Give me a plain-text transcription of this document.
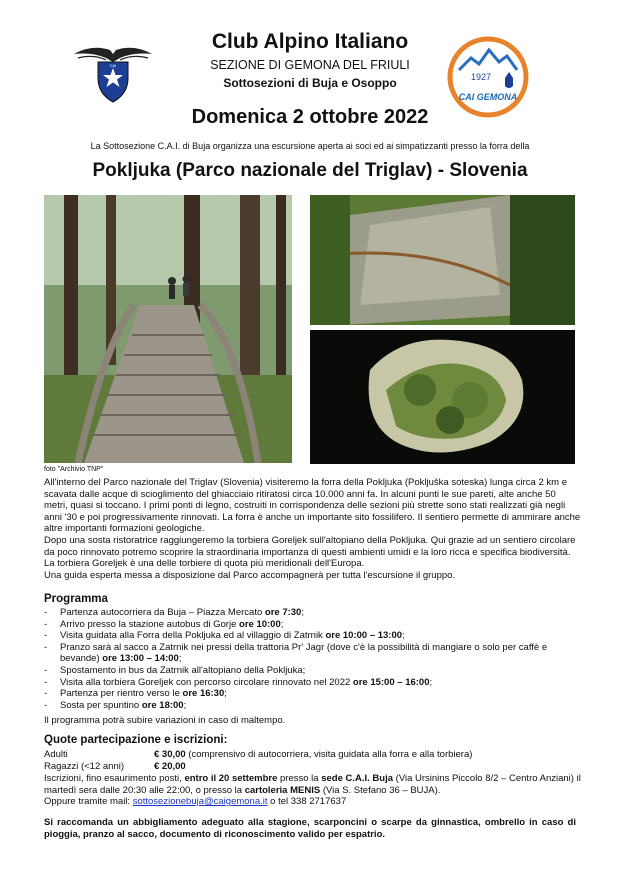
CAI
Club Alpino Italiano
SEZIONE DI GEMONA DEL FRIULI
Sottosezioni di Buja e Osoppo	1927
CAI GEMONA
Domenica 2 ottobre 2022
La Sottosezione C.A.I. di Buja organizza una escursione aperta ai soci ed ai simpatizzanti presso la forra della
Pokljuka (Parco nazionale del Triglav) - Slovenia
foto "Archivio TNP"

All'interno del Parco nazionale del Triglav (Slovenia) visiteremo la forra della Pokljuka (Pokljuška soteska) lunga circa 2 km e scavata dalle acque di scioglimento del ghiacciaio ritiratosi circa 10.000 anni fa. In alcuni punti le sue pareti, alte anche 50 metri, quasi si toccano. I primi ponti di legno, costruiti in corrispondenza delle sezioni più strette sono stati realizzati già negli anni '30 e poi progressivamente rinnovati. La forra è anche un importante sito fossilifero. Il sentiero permette di ammirare anche altre importanti formazioni geologiche.

Dopo una sosta ristoratrice raggiungeremo la torbiera Goreljek sull'altopiano della Pokljuka. Qui grazie ad un sentiero circolare da poco rinnovato potremo scoprire la straordinaria importanza di questi ambienti umidi e la loro ricca e specifica biodiversità. La torbiera Goreljek è una delle torbiere di quota più meridionali dell'Europa.

Una guida esperta messa a disposizione dal Parco accompagnerà per tutta l'escursione il gruppo.

Programma
- Partenza autocorriera da Buja – Piazza Mercato ore 7:30;
- Arrivo presso la stazione autobus di Gorje ore 10:00;
- Visita guidata alla Forra della Pokljuka ed al villaggio di Zatrnik ore 10:00 – 13:00;
- Pranzo sarà al sacco a Zatrnik nei pressi della trattoria Pr' Jagr (dove c'è la possibilità di mangiare o solo per caffè e bevande) ore 13:00 – 14:00;
- Spostamento in bus da Zatrnik all'altopiano della Pokljuka;
- Visita alla torbiera Goreljek con percorso circolare rinnovato nel 2022 ore 15:00 – 16:00;
- Partenza per rientro verso le ore 16:30;
- Sosta per spuntino ore 18:00;
Il programma potrà subire variazioni in caso di maltempo.
Quote partecipazione e iscrizioni:
Adulti	€ 30,00 (comprensivo di autocorriera, visita guidata alla forra e alla torbiera)
Ragazzi (<12 anni)	€ 20,00
Iscrizioni, fino esaurimento posti, entro il 20 settembre presso la sede C.A.I. Buja (Via Ursinins Piccolo 8/2 – Centro Anziani) il martedì sera dalle 20:30 alle 22:00, o presso la cartoleria MENIS (Via S. Stefano 36 – BUJA).
Oppure tramite mail: sottosezionebuja@caigemona.it o tel 338 2717637
Si raccomanda un abbigliamento adeguato alla stagione, scarponcini o scarpe da ginnastica, ombrello in caso di pioggia, pranzo al sacco, documento di riconoscimento valido per espatrio.
